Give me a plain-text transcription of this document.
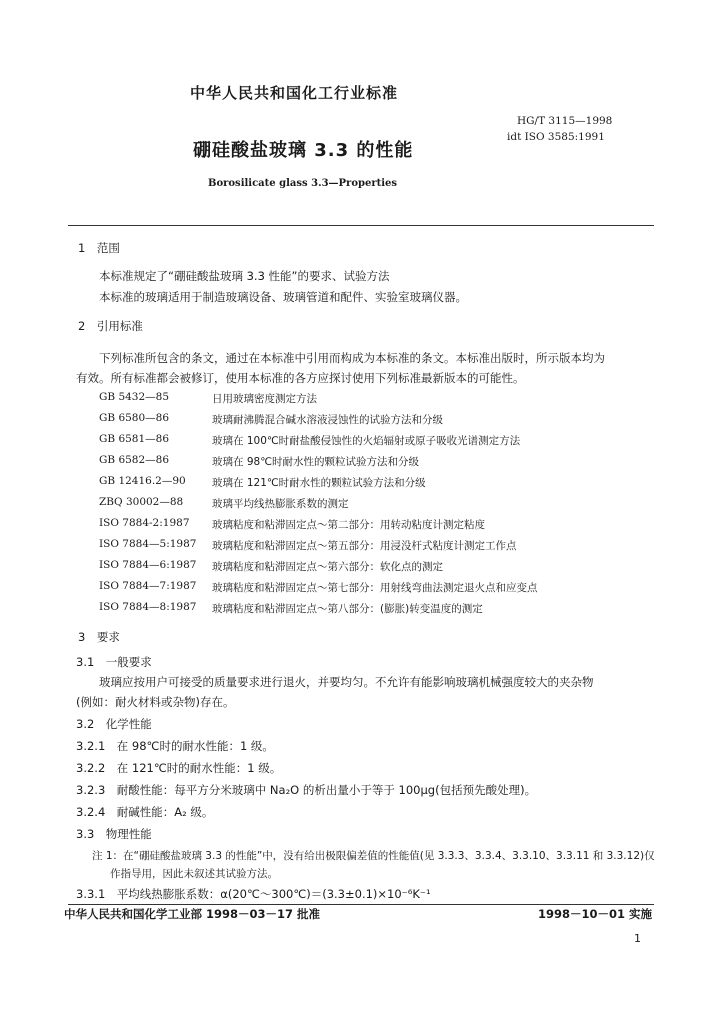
中华人民共和国化工行业标准
HG/T 3115—1998
idt ISO 3585:1991
硼硅酸盐玻璃 3.3 的性能
Borosilicate glass 3.3—Properties
1　范围
本标准规定了“硼硅酸盐玻璃 3.3 性能”的要求、试验方法
本标准的玻璃适用于制造玻璃设备、玻璃管道和配件、实验室玻璃仪器。
2　引用标准
下列标准所包含的条文，通过在本标准中引用而构成为本标准的条文。本标准出版时，所示版本均为
有效。所有标准都会被修订，使用本标准的各方应探讨使用下列标准最新版本的可能性。
GB 5432—85	日用玻璃密度测定方法
GB 6580—86	玻璃耐沸腾混合碱水溶液浸蚀性的试验方法和分级
GB 6581—86	玻璃在 100℃时耐盐酸侵蚀性的火焰辐射或原子吸收光谱测定方法
GB 6582—86	玻璃在 98℃时耐水性的颗粒试验方法和分级
GB 12416.2—90	玻璃在 121℃时耐水性的颗粒试验方法和分级
ZBQ 30002—88	玻璃平均线热膨胀系数的测定
ISO 7884-2:1987 玻璃粘度和粘滞固定点～第二部分：用转动粘度计测定粘度
ISO 7884—5:1987 玻璃粘度和粘滞固定点～第五部分：用浸没杆式粘度计测定工作点
ISO 7884—6:1987 玻璃粘度和粘滞固定点～第六部分：软化点的测定
ISO 7884—7:1987 玻璃粘度和粘滞固定点～第七部分：用射线弯曲法测定退火点和应变点
ISO 7884—8:1987 玻璃粘度和粘滞固定点～第八部分：(膨胀)转变温度的测定
3　要求
3.1　一般要求
玻璃应按用户可接受的质量要求进行退火，并要均匀。不允许有能影响玻璃机械强度较大的夹杂物
(例如：耐火材料或杂物)存在。
3.2　化学性能
3.2.1　在 98℃时的耐水性能：1 级。
3.2.2　在 121℃时的耐水性能：1 级。
3.2.3　耐酸性能：每平方分米玻璃中 Na₂O 的析出量小于等于 100μg(包括预先酸处理)。
3.2.4　耐碱性能：A₂ 级。
3.3　物理性能
注 1：在“硼硅酸盐玻璃 3.3 的性能”中，没有给出极限偏差值的性能值(见 3.3.3、3.3.4、3.3.10、3.3.11 和 3.3.12)仅
作指导用，因此未叙述其试验方法。
3.3.1　平均线热膨胀系数：α(20℃～300℃)＝(3.3±0.1)×10⁻⁶K⁻¹
中华人民共和国化学工业部 1998－03－17 批准	1998－10－01 实施
1
